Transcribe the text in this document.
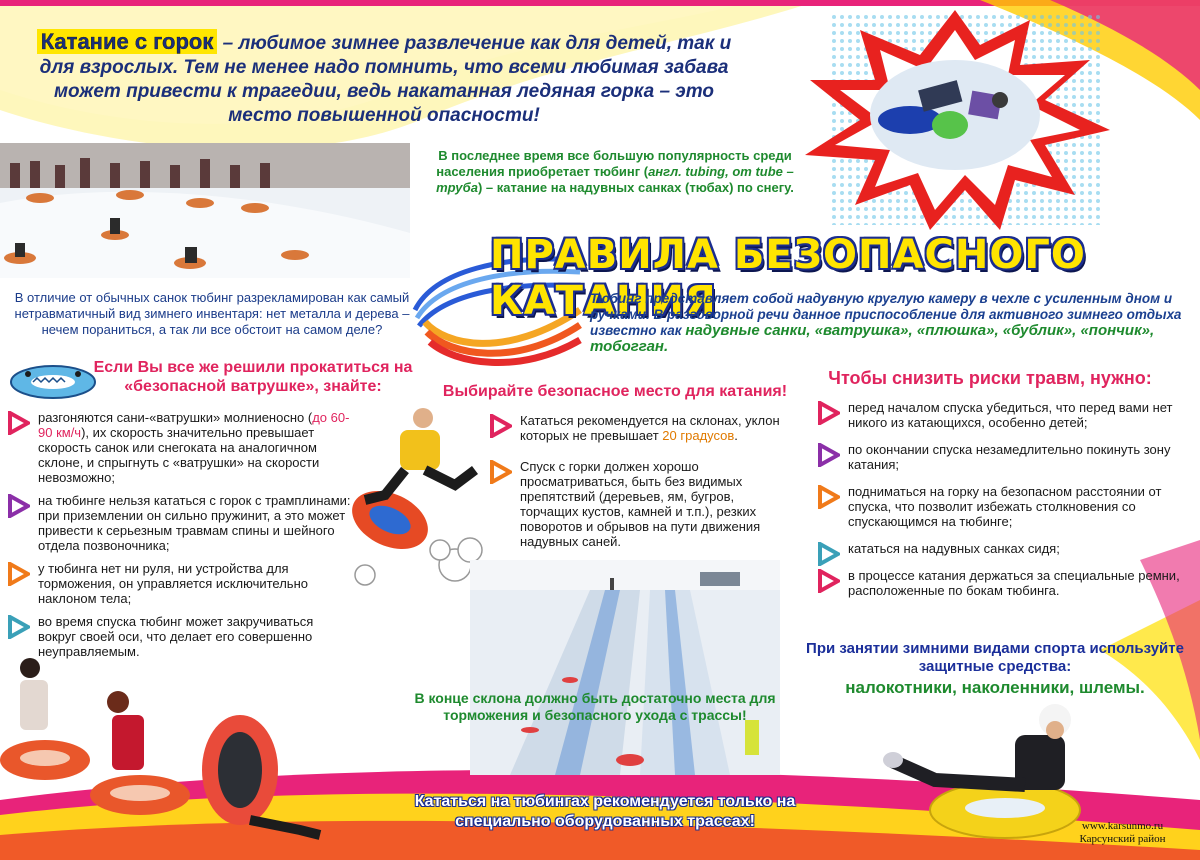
Катание с горок – любимое зимнее развлечение как для детей, так и для взрослых. Тем не менее надо помнить, что всеми любимая забава может привести к трагедии, ведь накатанная ледяная горка – это место повышенной опасности!
В последнее время все большую популярность среди населения приобретает тюбинг (англ. tubing, от tube – труба) – катание на надувных санках (тюбах) по снегу.
ПРАВИЛА БЕЗОПАСНОГО КАТАНИЯ
Тюбинг представляет собой надувную круглую камеру в чехле с усиленным дном и ручками. В разговорной речи данное приспособление для активного зимнего отдыха известно как надувные санки, «ватрушка», «плюшка», «бублик», «пончик», тобогган.
В отличие от обычных санок тюбинг разрекламирован как самый нетравматичный вид зимнего инвентаря: нет металла и дерева – нечем пораниться, а так ли все обстоит на самом деле?
Если Вы все же решили прокатиться на «безопасной ватрушке», знайте:
разгоняются сани-«ватрушки» молниеносно (до 60-90 км/ч), их скорость значительно превышает скорость санок или снегоката на аналогичном склоне, и спрыгнуть с «ватрушки» на скорости невозможно;
на тюбинге нельзя кататься с горок с трамплинами: при приземлении он сильно пружинит, а это может привести к серьезным травмам спины и шейного отдела позвоночника;
у тюбинга нет ни руля, ни устройства для торможения, он управляется исключительно наклоном тела;
во время спуска тюбинг может закручиваться вокруг своей оси, что делает его совершенно неуправляемым.
Выбирайте безопасное место для катания!
Кататься рекомендуется на склонах, уклон которых не превышает 20 градусов.
Спуск с горки должен хорошо просматриваться, быть без видимых препятствий (деревьев, ям, бугров, торчащих кустов, камней и т.п.), резких поворотов и обрывов на пути движения надувных саней.
Чтобы снизить риски травм, нужно:
перед началом спуска убедиться, что перед вами нет никого из катающихся, особенно детей;
по окончании спуска незамедлительно покинуть зону катания;
подниматься на горку на безопасном расстоянии от спуска, что позволит избежать столкновения со спускающимся на тюбинге;
кататься на надувных санках сидя;
в процессе катания держаться за специальные ремни, расположенные по бокам тюбинга.
При занятии зимними видами спорта используйте защитные средства:
налокотники, наколенники, шлемы.
В конце склона должно быть достаточно места для торможения и безопасного ухода с трассы!
Кататься на тюбингах рекомендуется только на специально оборудованных трассах!	www.karsunmo.ru
Карсунский район
